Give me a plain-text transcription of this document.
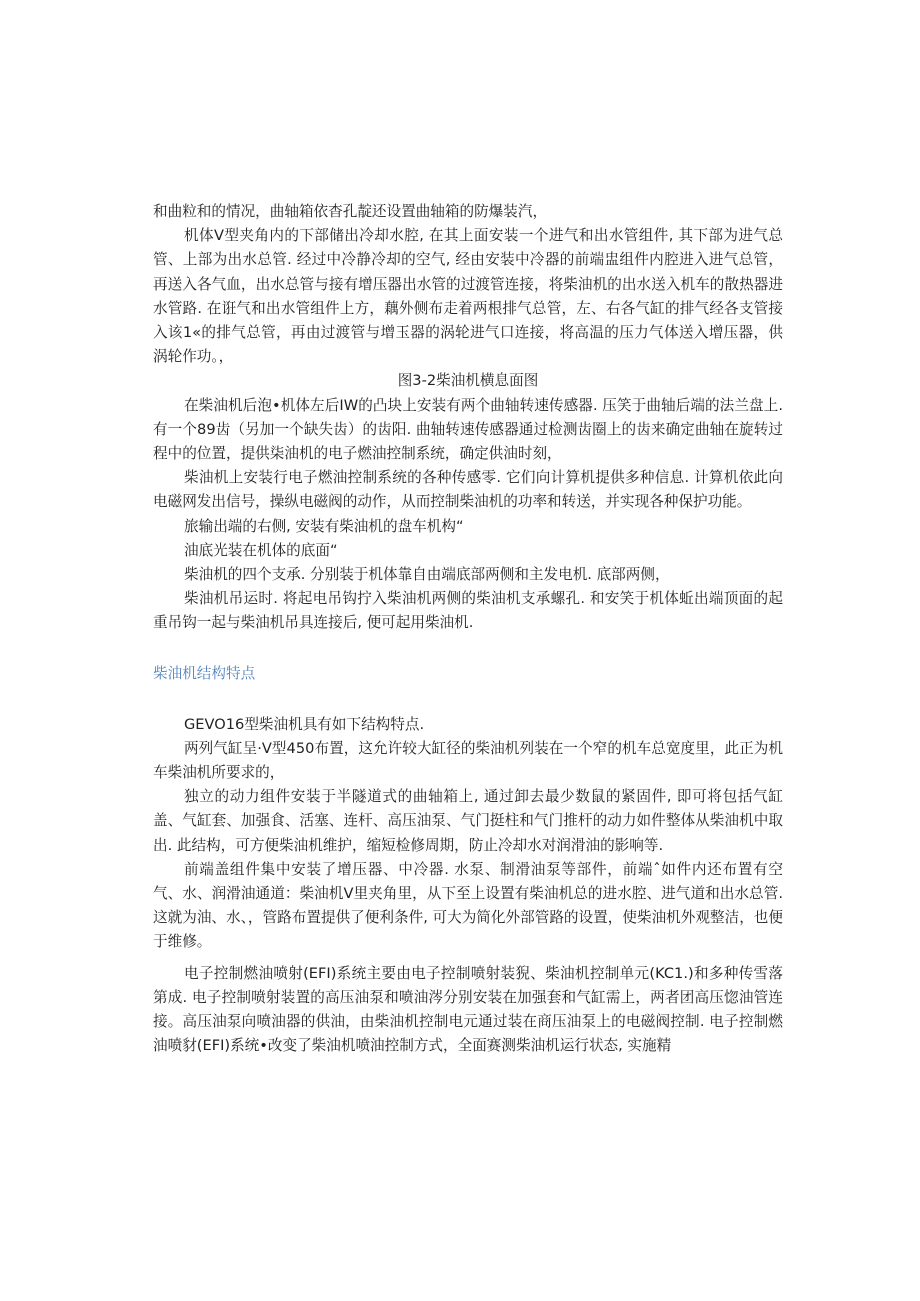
和曲粒和的情况，曲轴箱依杳孔靛还设置曲轴箱的防爆装汽，

机体V型夹角内的下部储出冷却水腔, 在其上面安装一个进气和出水管组件, 其下部为进气总管、上部为出水总管. 经过中冷静冷却的空气, 经由安装中冷器的前端盅组件内腔进入进气总管，再送入各气血，出水总管与接有增压器出水管的过渡管连接，将柴油机的出水送入机车的散热器进水管路. 在诳气和出水管组件上方，藕外侧布走着两根排气总管，左、右各气缸的排气经各支管接入该1«的排气总管，再由过渡管与增玉器的涡轮进气口连接，将高温的压力气体送入增压器，供涡轮作功。，

图3-2柴油机横息面图

在柴油机后泡•机体左后IW的凸块上安装有两个曲轴转速传感器. 压笑于曲轴后端的法兰盘上. 有一个89齿（另加一个缺失齿）的齿阳. 曲轴转速传感器通过检测齿圈上的齿来确定曲轴在旋转过程中的位置，提供柒油机的电子燃油控制系统，确定供油时刻，

柴油机上安装行电子燃油控制系统的各种传感零. 它们向计算机提供多种信息. 计算机依此向电磁网发出信号，操纵电磁阀的动作，从而控制柴油机的功率和转送，并实现各种保护功能。

旅输出端的右侧, 安装有柴油机的盘车机构“

油底光装在机体的底面“

柴油机的四个支承. 分别装于机体靠自由端底部两侧和主发电机. 底部两侧，

柴油机吊运时. 将起电吊钩拧入柴油机两侧的柴油机支承螺孔. 和安笑于机体蚯出端顶面的起重吊钩一起与柴油机吊具连接后, 便可起用柴油机.

柴油机结构特点

GEVO16型柴油机具有如下结构特点.

两列气缸呈·V型450布置，这允许较大缸径的柴油机列装在一个窄的机车总宽度里，此正为机车柴油机所要求的，

独立的动力组件安装于半隧道式的曲轴箱上, 通过卸去最少数鼠的紧固件, 即可将包括气缸盖、气缸套、加强食、活塞、连杆、高压油泵、气门挺柱和气门推杆的动力如件整体从柴油机中取出. 此结构，可方便柴油机维护，缩短检修周期，防止冷却水对润滑油的影响等.

前端盖组件集中安装了增压器、中冷器. 水泵、制滑油泵等部件，前端ˆ如件内还布置有空气、水、润滑油通道：柴油机V里夹角里，从下至上设置有柴油机总的进水腔、进气道和出水总管. 这就为油、水、，管路布置提供了便利条件, 可大为简化外部管路的设置，使柴油机外观整洁，也便于维修。

电子控制燃油喷射(EFI)系统主要由电子控制喷射装猊、柴油机控制单元(KC1.)和多种传雪落第成. 电子控制喷射装置的高压油泵和喷油涔分别安装在加强套和气缸需上，两者团高压惚油管连接。高压油泵向喷油器的供油，由柴油机控制电元通过装在商压油泵上的电磁阀控制. 电子控制燃油喷豺(EFI)系统•改变了柴油机喷油控制方式，全面赛测柴油机运行状态, 实施精
